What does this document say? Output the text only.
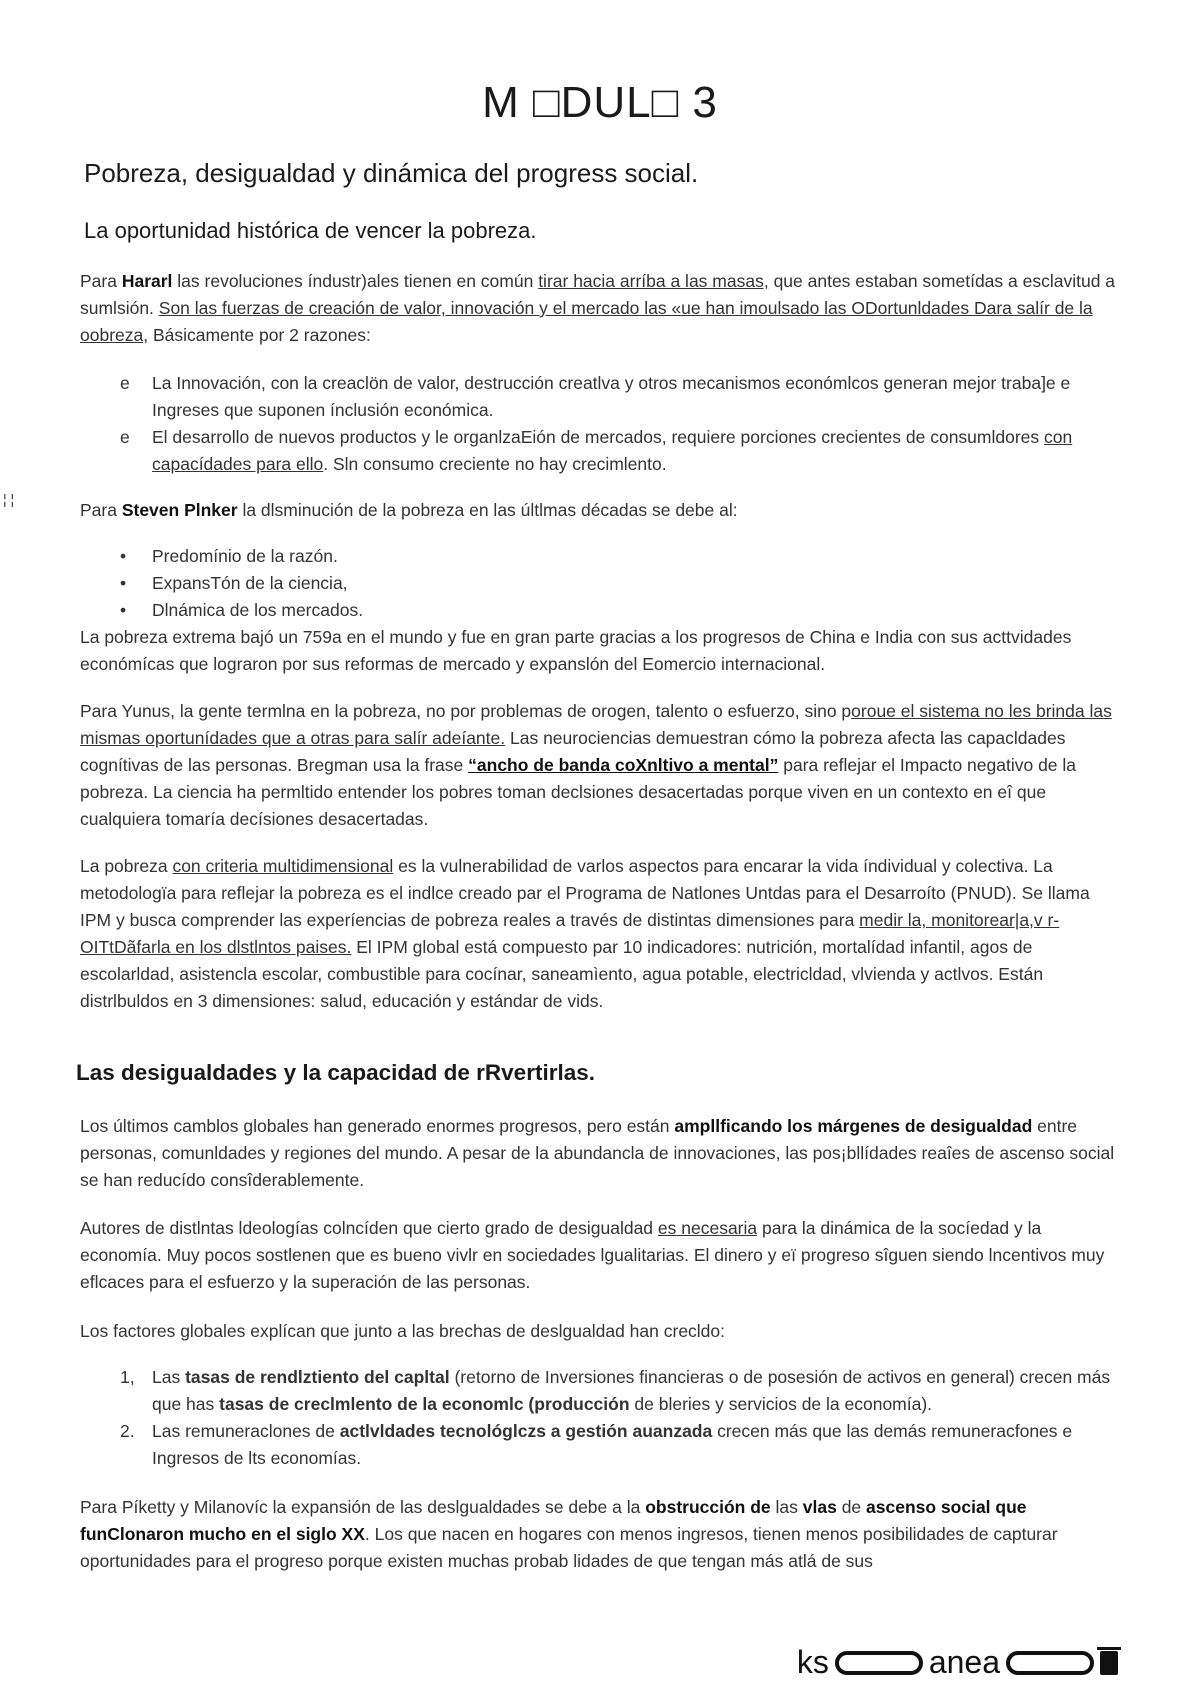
M □DUL□ 3
Pobreza, desigualdad y dinámica del progress social.
La oportunidad histórica de vencer la pobreza.
Para Hararl las revoluciones índustr)ales tienen en común tirar hacia arríba a las masas, que antes estaban sometídas a esclavitud a sumlsión. Son las fuerzas de creación de valor, innovación y el mercado las «ue han imoulsado las ODortunldades Dara salír de la oobreza, Básicamente por 2 razones:
e La Innovación, con la creaclön de valor, destrucción creatlva y otros mecanismos económlcos generan mejor traba]e e Ingreses que suponen ínclusión económica.
e El desarrollo de nuevos productos y le organlzaEión de mercados, requiere porciones crecientes de consumldores con capacídades para ello. Sln consumo creciente no hay crecimlento.
¦ ¦
Para Steven Plnker la dlsminución de la pobreza en las últlmas décadas se debe al:
• Predomínio de la razón.
• ExpansTón de la ciencia,
• Dlnámica de los mercados.
La pobreza extrema bajó un 759a en el mundo y fue en gran parte gracias a los progresos de China e India con sus acttvidades económícas que lograron por sus reformas de mercado y expanslón del Eomercio internacional.
Para Yunus, la gente termlna en la pobreza, no por problemas de orogen, talento o esfuerzo, sino poroue el sistema no les brinda las mismas oportunídades que a otras para salír adeíante. Las neurociencias demuestran cómo la pobreza afecta las capacldades cognítivas de las personas. Bregman usa la frase “ancho de banda coXnltivo a mental” para reflejar el Impacto negativo de la pobreza. La ciencia ha permltido entender los pobres toman declsiones desacertadas porque viven en un contexto en eî que cualquiera tomaría decísiones desacertadas.
La pobreza con criteria multidimensional es la vulnerabilidad de varlos aspectos para encarar la vida índividual y colectiva. La metodologïa para reflejar la pobreza es el indlce creado par el Programa de Natlones Untdas para el Desarroíto (PNUD). Se llama IPM y busca comprender las experíencias de pobreza reales a través de distintas dimensiones para medir la, monitorear|a,v r-OITtDãfarla en los dlstlntos paises. El IPM global está compuesto par 10 indicadores: nutrición, mortalídad infantil, agos de escolarldad, asistencla escolar, combustible para cocínar, saneamìento, agua potable, electricldad, vlvienda y actlvos. Están distrlbuldos en 3 dimensiones: salud, educación y estándar de vids.
Las desigualdades y la capacidad de rRvertirlas.
Los últimos camblos globales han generado enormes progresos, pero están ampllficando los márgenes de desigualdad entre personas, comunldades y regiones del mundo. A pesar de la abundancla de innovaciones, las pos¡bllídades reaîes de ascenso social se han reducído consîderablemente.
Autores de distlntas ldeologías colncíden que cierto grado de desigualdad es necesaria para la dinámica de la socíedad y la economía. Muy pocos sostlenen que es bueno vivlr en sociedades lgualitarias. El dinero y eï progreso sîguen siendo lncentivos muy eflcaces para el esfuerzo y la superación de las personas.
Los factores globales explícan que junto a las brechas de deslgualdad han crecldo:
1, Las tasas de rendlztiento del capltal (retorno de Inversiones financieras o de posesión de activos en general) crecen más que has tasas de creclmlento de la economlc (producción de bleries y servicios de la economía).
2. Las remuneraclones de actlvldades tecnológlczs a gestión auanzada crecen más que las demás remuneracfones e Ingresos de lts economías.
Para Píketty y Milanovíc la expansión de las deslgualdades se debe a la obstrucción de las vlas de ascenso social que funClonaron mucho en el siglo XX. Los que nacen en hogares con menos ingresos, tienen menos posibilidades de capturar oportunidades para el progreso porque existen muchas probab lidades de que tengan más atlá de sus
ks	anea
